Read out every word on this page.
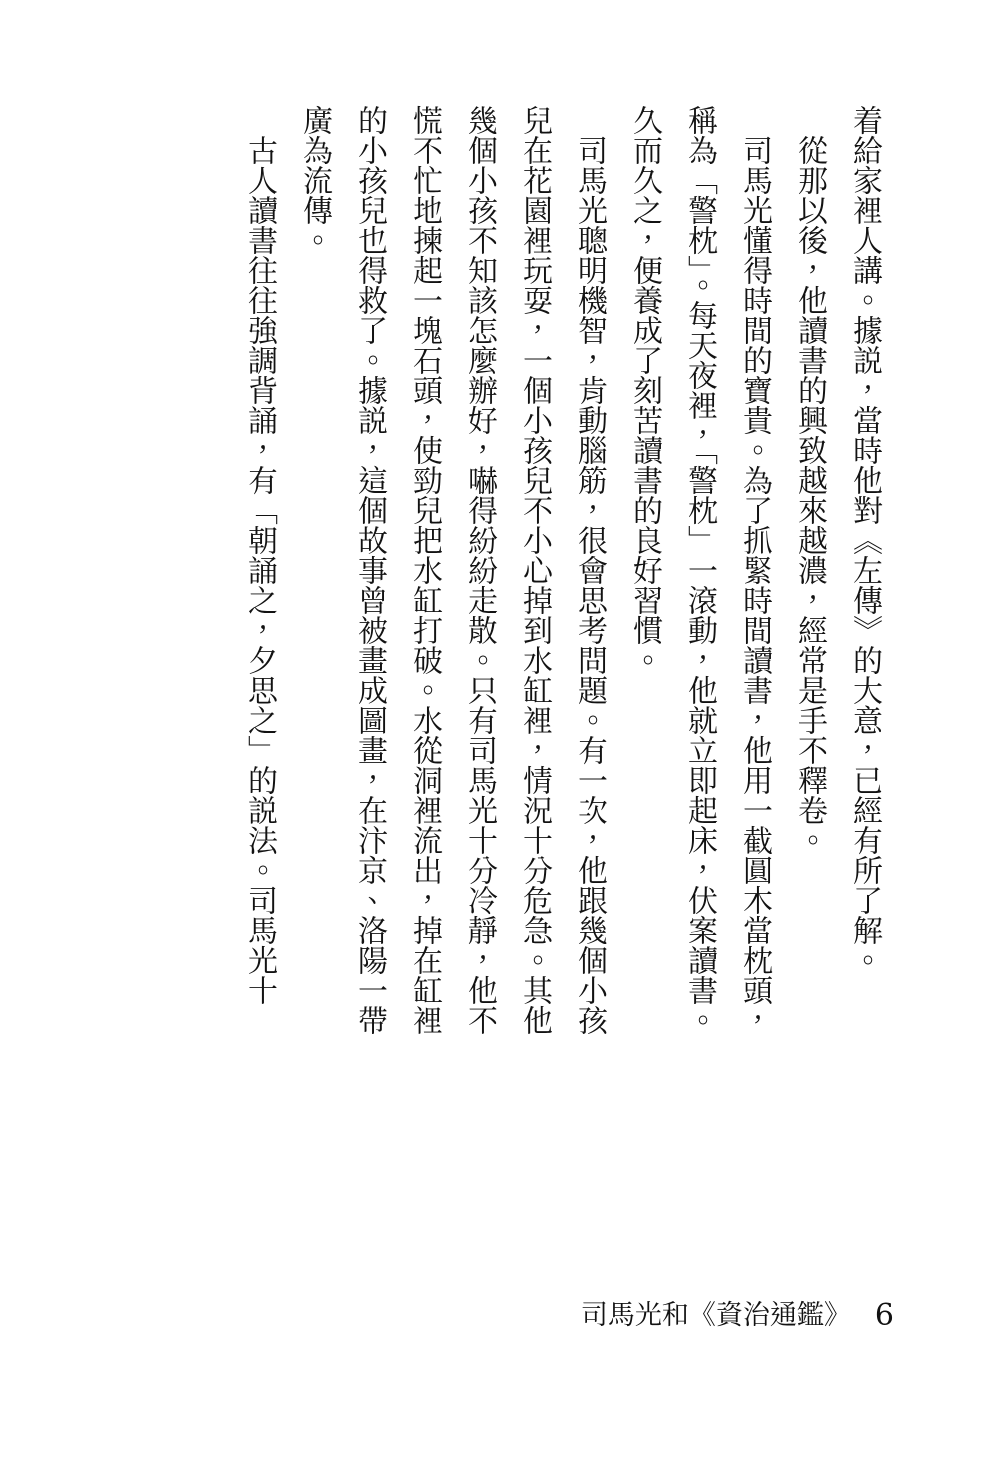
着給家裡人講。據説，當時他對《左傳》的大意，已經有所了解。

從那以後，他讀書的興致越來越濃，經常是手不釋卷。

司馬光懂得時間的寶貴。為了抓緊時間讀書，他用一截圓木當枕頭，稱為「警枕」。每天夜裡，「警枕」一滾動，他就立即起床，伏案讀書。久而久之，便養成了刻苦讀書的良好習慣。

司馬光聰明機智，肯動腦筋，很會思考問題。有一次，他跟幾個小孩兒在花園裡玩耍，一個小孩兒不小心掉到水缸裡，情況十分危急。其他幾個小孩不知該怎麼辦好，嚇得紛紛走散。只有司馬光十分冷靜，他不慌不忙地揀起一塊石頭，使勁兒把水缸打破。水從洞裡流出，掉在缸裡的小孩兒也得救了。據説，這個故事曾被畫成圖畫，在汴京、洛陽一帶廣為流傳。

古人讀書往往強調背誦，有「朝誦之，夕思之」的説法。司馬光十

司馬光和《資治通鑑》 6
